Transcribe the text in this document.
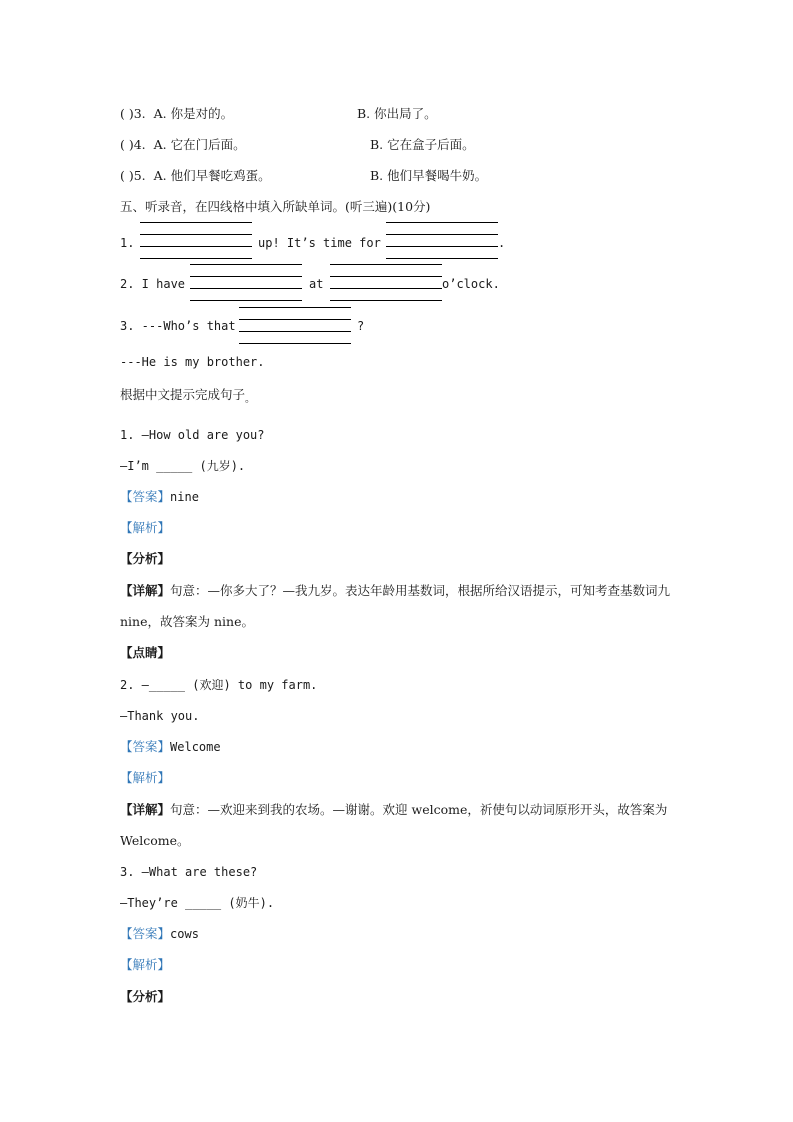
( )3. A. 你是对的。	B. 你出局了。
( )4. A. 它在门后面。	B. 它在盒子后面。
( )5. A. 他们早餐吃鸡蛋。	B. 他们早餐喝牛奶。
五、听录音，在四线格中填入所缺单词。(听三遍)(10分)
1.	up! It’s time for	.
2. I have	at	o’clock.
3. ---Who’s that	?
---He is my brother.
根据中文提示完成句子$_。$
1. —How old are you?
—I’m _____ (九岁).
【答案】nine
【解析】
【分析】
【详解】句意：—你多大了？—我九岁。表达年龄用基数词，根据所给汉语提示，可知考查基数词九 nine，故答案为 nine。
【点睛】
2. —_____ (欢迎) to my farm.
—Thank you.
【答案】Welcome
【解析】
【详解】句意：—欢迎来到我的农场。—谢谢。欢迎 welcome，祈使句以动词原形开头，故答案为 Welcome。
3. —What are these?
—They’re _____ (奶牛).
【答案】cows
【解析】
【分析】
